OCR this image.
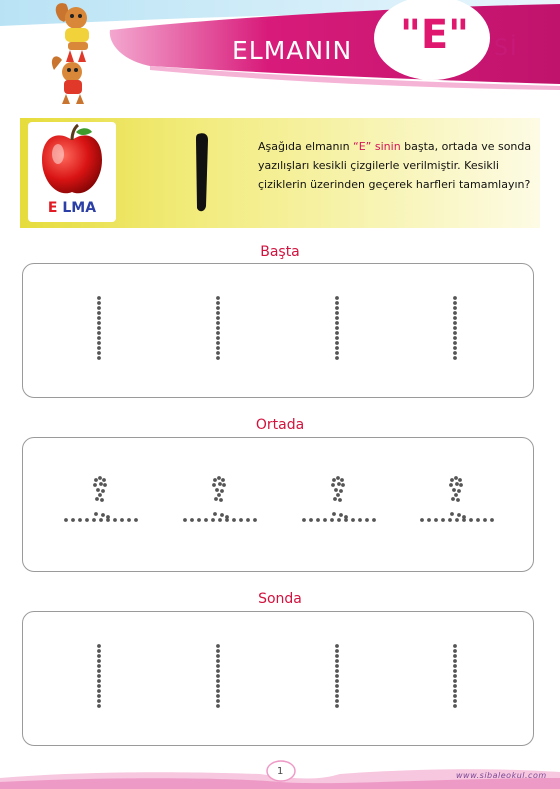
ELMANIN "E" Sİ
E LMA

Aşağıda elmanın “E” sinin başta, ortada ve sonda yazılışları kesikli çizgilerle verilmiştir. Kesikli çiziklerin üzerinden geçerek harfleri tamamlayın?

Başta
Ortada
Sonda
1	www.sibaleokul.com
